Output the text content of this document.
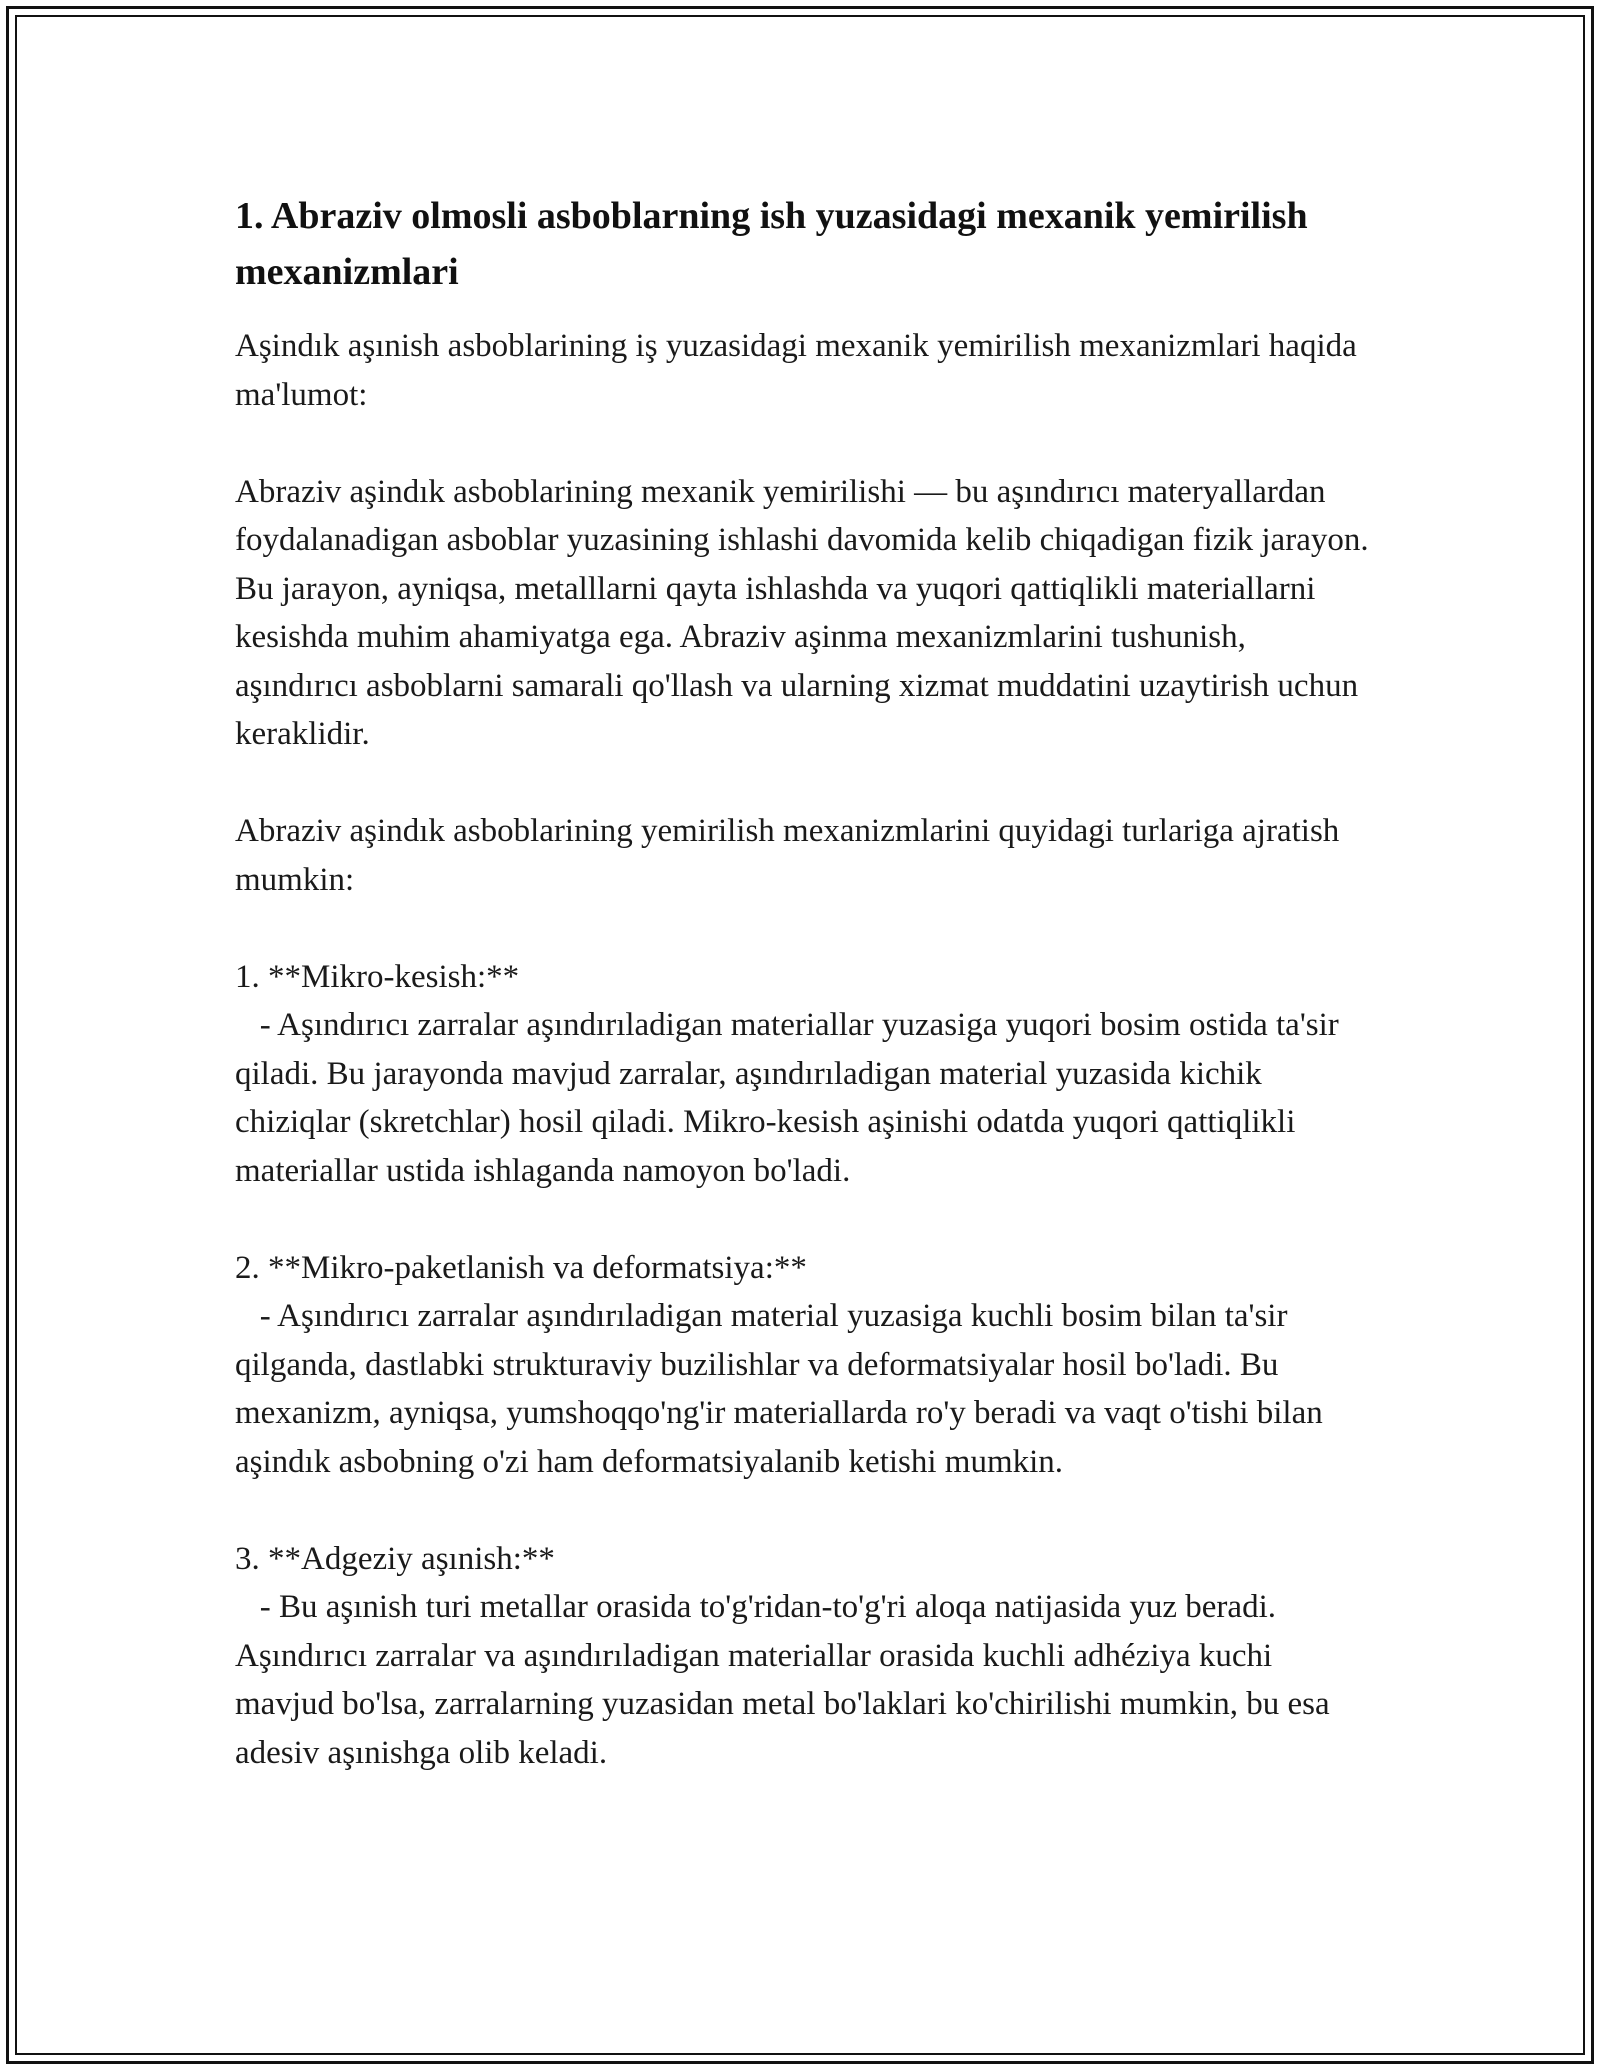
1. Abraziv olmosli asboblarning ish yuzasidagi mexanik yemirilish mexanizmlari

Aşindık aşınish asboblarining iş yuzasidagi mexanik yemirilish mexanizmlari haqida ma'lumot:

Abraziv aşindık asboblarining mexanik yemirilishi — bu aşındırıcı materyallardan foydalanadigan asboblar yuzasining ishlashi davomida kelib chiqadigan fizik jarayon. Bu jarayon, ayniqsa, metalllarni qayta ishlashda va yuqori qattiqlikli materiallarni kesishda muhim ahamiyatga ega. Abraziv aşinma mexanizmlarini tushunish, aşındırıcı asboblarni samarali qo'llash va ularning xizmat muddatini uzaytirish uchun keraklidir.

Abraziv aşindık asboblarining yemirilish mexanizmlarini quyidagi turlariga ajratish mumkin:

1. **Mikro-kesish:**
- Aşındırıcı zarralar aşındırıladigan materiallar yuzasiga yuqori bosim ostida ta'sir qiladi. Bu jarayonda mavjud zarralar, aşındırıladigan material yuzasida kichik chiziqlar (skretchlar) hosil qiladi. Mikro-kesish aşinishi odatda yuqori qattiqlikli materiallar ustida ishlaganda namoyon bo'ladi.
2. **Mikro-paketlanish va deformatsiya:**
- Aşındırıcı zarralar aşındırıladigan material yuzasiga kuchli bosim bilan ta'sir qilganda, dastlabki strukturaviy buzilishlar va deformatsiyalar hosil bo'ladi. Bu mexanizm, ayniqsa, yumshoqqo'ng'ir materiallarda ro'y beradi va vaqt o'tishi bilan aşindık asbobning o'zi ham deformatsiyalanib ketishi mumkin.
3. **Adgeziy aşınish:**
- Bu aşınish turi metallar orasida to'g'ridan-to'g'ri aloqa natijasida yuz beradi. Aşındırıcı zarralar va aşındırıladigan materiallar orasida kuchli adhéziya kuchi mavjud bo'lsa, zarralarning yuzasidan metal bo'laklari ko'chirilishi mumkin, bu esa adesiv aşınishga olib keladi.
